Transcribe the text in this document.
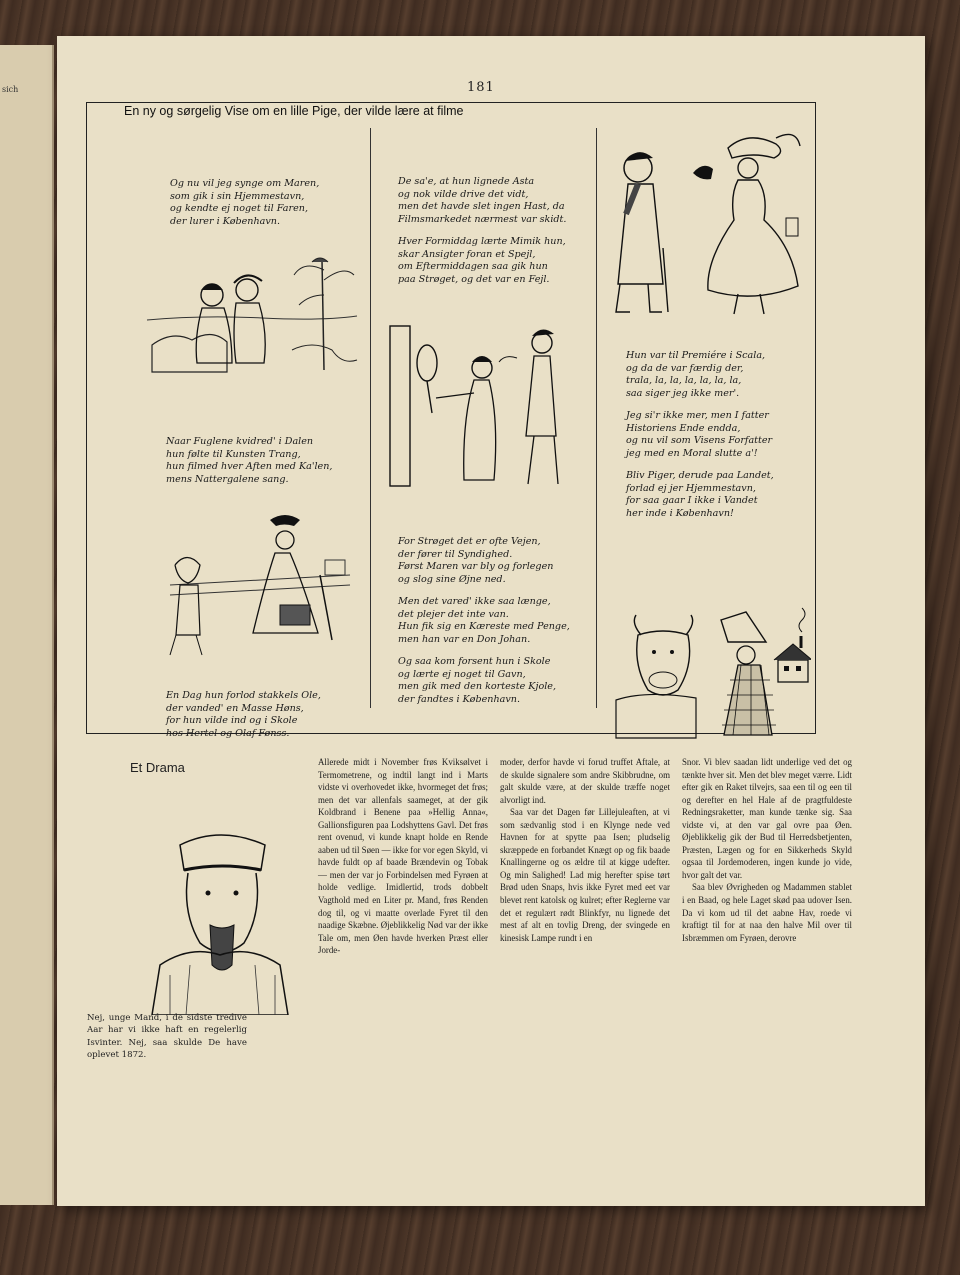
sich	181
En ny og sørgelig Vise om en lille Pige, der vilde lære at filme
Og nu vil jeg synge om Maren,
som gik i sin Hjemmestavn,
og kendte ej noget til Faren,
der lurer i København.
Naar Fuglene kvidred' i Dalen
hun følte til Kunsten Trang,
hun filmed hver Aften med Ka'len,
mens Nattergalene sang.
En Dag hun forlod stakkels Ole,
der vanded' en Masse Høns,
for hun vilde ind og i Skole
hos Hertel og Olaf Fønss.

De sa'e, at hun lignede Asta
og nok vilde drive det vidt,
men det havde slet ingen Hast, da
Filmsmarkedet nærmest var skidt.

Hver Formiddag lærte Mimik hun,
skar Ansigter foran et Spejl,
om Eftermiddagen saa gik hun
paa Strøget, og det var en Fejl.

For Strøget det er ofte Vejen,
der fører til Syndighed.
Først Maren var bly og forlegen
og slog sine Øjne ned.

Men det vared' ikke saa længe,
det plejer det inte van.
Hun fik sig en Kæreste med Penge,
men han var en Don Johan.

Og saa kom forsent hun i Skole
og lærte ej noget til Gavn,
men gik med den korteste Kjole,
der fandtes i København.

Hun var til Premiére i Scala,
og da de var færdig der,
trala, la, la, la, la, la, la,
saa siger jeg ikke mer'.

Jeg si'r ikke mer, men I fatter
Historiens Ende endda,
og nu vil som Visens Forfatter
jeg med en Moral slutte a'!

Bliv Piger, derude paa Landet,
forlad ej jer Hjemmestavn,
for saa gaar I ikke i Vandet
her inde i København!

Et Drama
Nej, unge Mand, i de sidste tredive Aar har vi ikke haft en regelerlig Isvinter. Nej, saa skulde De have oplevet 1872.

Allerede midt i November frøs Kviksølvet i Termometrene, og indtil langt ind i Marts vidste vi overhovedet ikke, hvormeget det frøs; men det var allenfals saameget, at der gik Koldbrand i Benene paa »Hellig Anna«, Gallionsfiguren paa Lodshyttens Gavl. Det frøs rent ovenud, vi kunde knapt holde en Rende aaben ud til Søen — ikke for vor egen Skyld, vi havde fuldt op af baade Brændevin og Tobak — men der var jo Forbindelsen med Fyrøen at holde vedlige. Imidlertid, trods dobbelt Vagthold med en Liter pr. Mand, frøs Renden dog til, og vi maatte overlade Fyret til den naadige Skæbne. Øjeblikkelig Nød var der ikke Tale om, men Øen havde hverken Præst eller Jorde-

moder, derfor havde vi forud truffet Aftale, at de skulde signalere som andre Skibbrudne, om galt skulde være, at der skulde træffe noget alvorligt ind.

Saa var det Dagen før Lillejuleaften, at vi som sædvanlig stod i en Klynge nede ved Havnen for at spytte paa Isen; pludselig skræppede en forbandet Knægt op og fik baade Knallingerne og os ældre til at kigge udefter. Og min Salighed! Lad mig herefter spise tørt Brød uden Snaps, hvis ikke Fyret med eet var blevet rent katolsk og kulret; efter Reglerne var det et regulært rødt Blinkfyr, nu lignede det mest af alt en tovlig Dreng, der svingede en kinesisk Lampe rundt i en

Snor. Vi blev saadan lidt underlige ved det og tænkte hver sit. Men det blev meget værre. Lidt efter gik en Raket tilvejrs, saa een til og een til og derefter en hel Hale af de pragtfuldeste Redningsraketter, man kunde tænke sig. Saa vidste vi, at den var gal ovre paa Øen. Øjeblikkelig gik der Bud til Herredsbetjenten, Præsten, Lægen og for en Sikkerheds Skyld ogsaa til Jordemoderen, ingen kunde jo vide, hvor galt det var.

Saa blev Øvrigheden og Madammen stablet i en Baad, og hele Laget skød paa udover Isen. Da vi kom ud til det aabne Hav, roede vi kraftigt til for at naa den halve Mil over til Isbræmmen om Fyrøen, derovre
